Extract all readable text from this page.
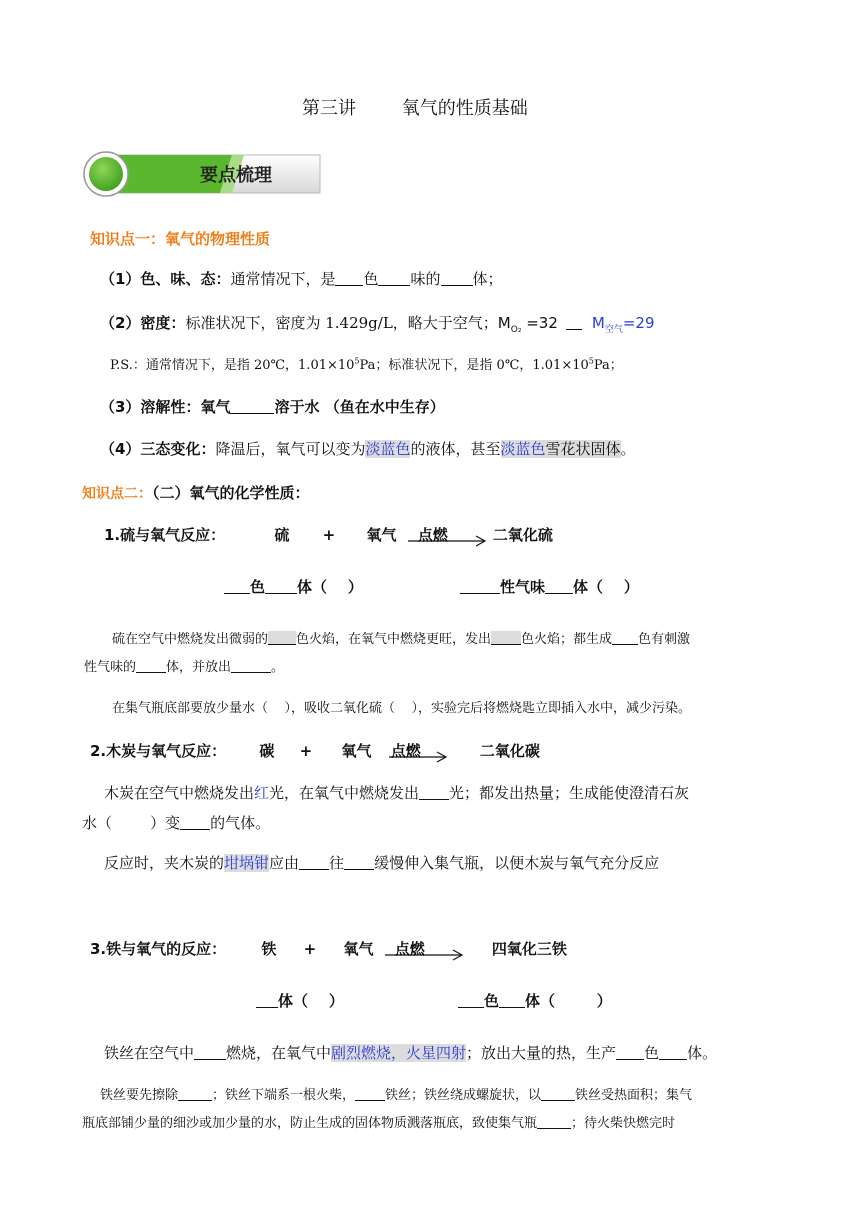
第三讲        氧气的性质基础
要点梳理
知识点一：氧气的物理性质
（1）色、味、态：通常情况下，是 色 味的 体；
（2）密度：标准状况下，密度为 1.429g/L，略大于空气；$M_{O_2} =32$ $M_{空气}=29$
P.S.：通常情况下，是指 20℃，$1.01\times 10^5Pa$；标准状况下，是指 0℃，$1.01\times 10^5Pa$；
（3）溶解性：氧气	溶于水 （鱼在水中生存）
（4）三态变化：降温后，氧气可以变为淡蓝色的液体，甚至淡蓝色雪花状固体。
知识点二：（二）氧气的化学性质：
1.硫与氧气反应：	硫 + 氧气 点燃	二氧化硫
色 体（    ）	性气味 体（    ）
硫在空气中燃烧发出微弱的 色火焰，在氧气中燃烧更旺，发出 色火焰；都生成 色有刺激
性气味的 体，并放出	。
在集气瓶底部要放少量水（    ），吸收二氧化硫（    ），实验完后将燃烧匙立即插入水中，减少污染。
2.木炭与氧气反应： 碳 + 氧气 点燃	二氧化碳
木炭在空气中燃烧发出红光，在氧气中燃烧发出 光；都发出热量；生成能使澄清石灰
水（        ）变 的气体。
反应时，夹木炭的坩埚钳应由 往 缓慢伸入集气瓶，以便木炭与氧气充分反应
3.铁与氧气的反应： 铁 + 氧气 点燃	四氧化三铁
体（    ）	色 体（        ）
铁丝在空气中 燃烧，在氧气中剧烈燃烧，火星四射；放出大量的热，生产 色 体。
铁丝要先擦除	；铁丝下端系一根火柴， 铁丝；铁丝绕成螺旋状，以	铁丝受热面积；集气
瓶底部铺少量的细沙或加少量的水，防止生成的固体物质溅落瓶底，致使集气瓶	；待火柴快燃完时
